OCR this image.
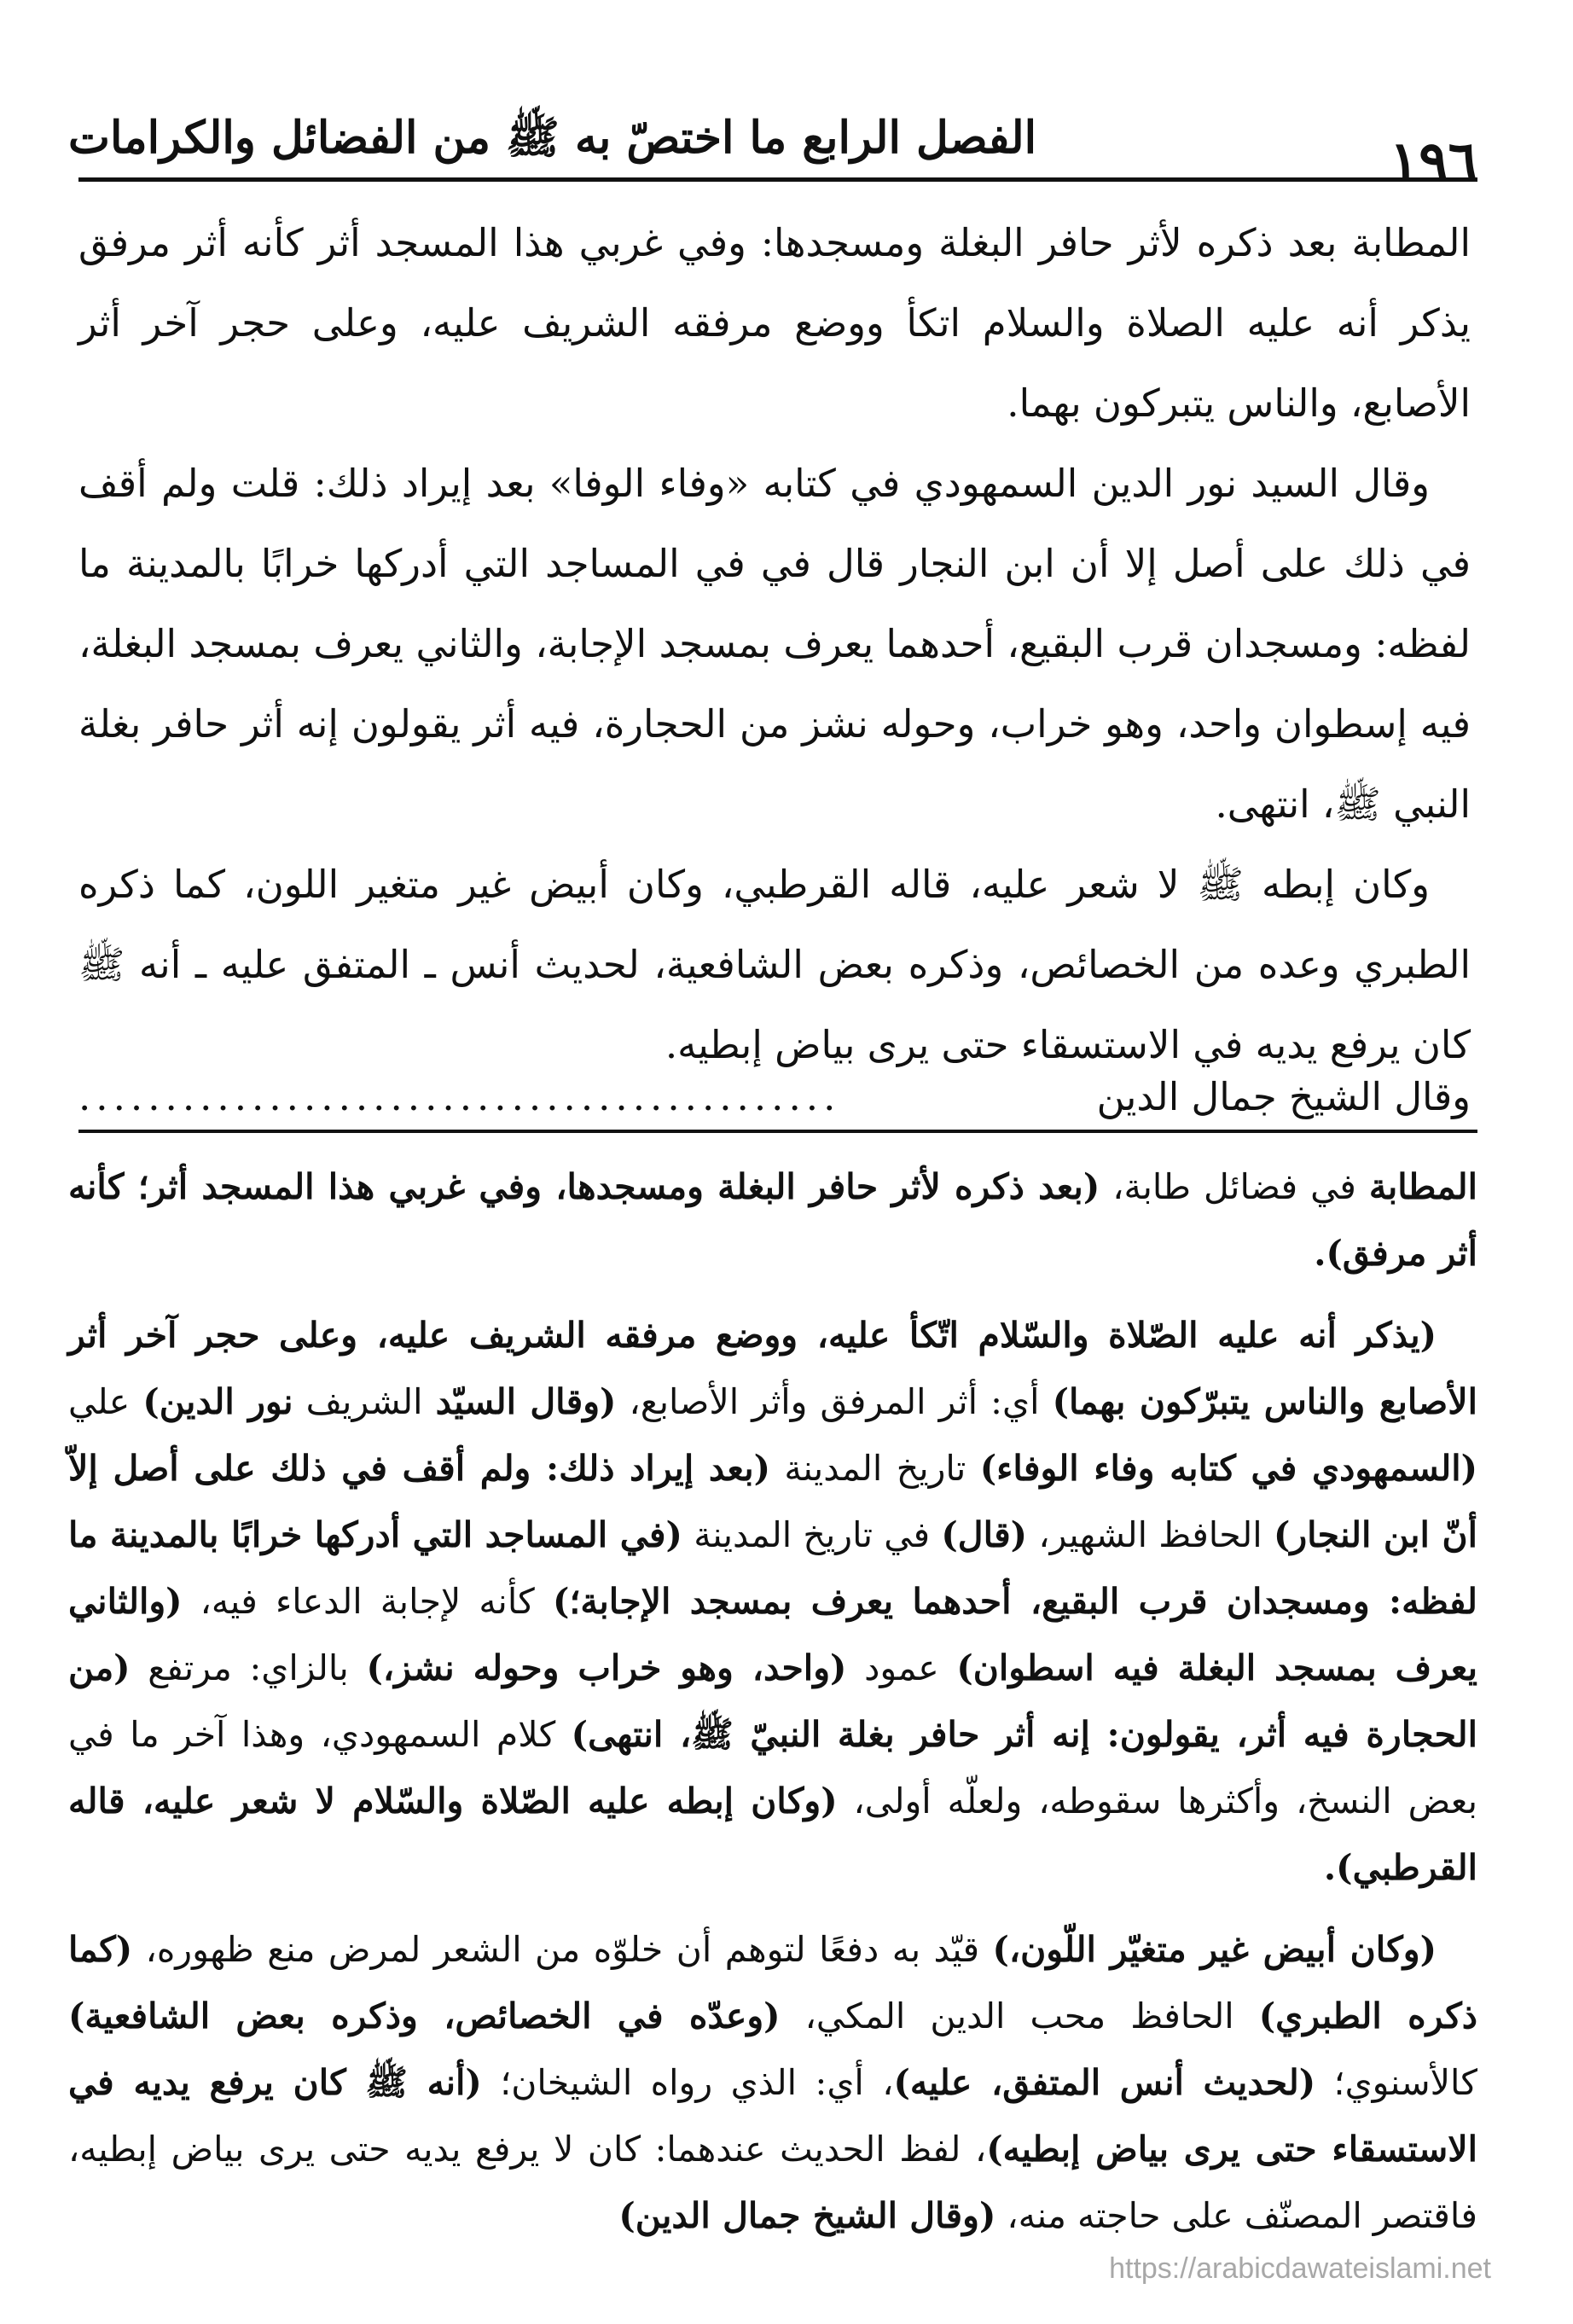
١٩٦
الفصل الرابع ما اختصّ به ﷺ من الفضائل والكرامات

المطابة بعد ذكره لأثر حافر البغلة ومسجدها: وفي غربي هذا المسجد أثر كأنه أثر مرفق يذكر أنه عليه الصلاة والسلام اتكأ ووضع مرفقه الشريف عليه، وعلى حجر آخر أثر الأصابع، والناس يتبركون بهما.

وقال السيد نور الدين السمهودي في كتابه «وفاء الوفا» بعد إيراد ذلك: قلت ولم أقف في ذلك على أصل إلا أن ابن النجار قال في في المساجد التي أدركها خرابًا بالمدينة ما لفظه: ومسجدان قرب البقيع، أحدهما يعرف بمسجد الإجابة، والثاني يعرف بمسجد البغلة، فيه إسطوان واحد، وهو خراب، وحوله نشز من الحجارة، فيه أثر يقولون إنه أثر حافر بغلة النبي ﷺ، انتهى.

وكان إبطه ﷺ لا شعر عليه، قاله القرطبي، وكان أبيض غير متغير اللون، كما ذكره الطبري وعده من الخصائص، وذكره بعض الشافعية، لحديث أنس ـ المتفق عليه ـ أنه ﷺ كان يرفع يديه في الاستسقاء حتى يرى بياض إبطيه.

وقال الشيخ جمال الدين
............................................

المطابة في فضائل طابة، (بعد ذكره لأثر حافر البغلة ومسجدها، وفي غربي هذا المسجد أثر؛ كأنه أثر مرفق).

(يذكر أنه عليه الصّلاة والسّلام اتّكأ عليه، ووضع مرفقه الشريف عليه، وعلى حجر آخر أثر الأصابع والناس يتبرّكون بهما) أي: أثر المرفق وأثر الأصابع، (وقال السيّد الشريف نور الدين) علي (السمهودي في كتابه وفاء الوفاء) تاريخ المدينة (بعد إيراد ذلك: ولم أقف في ذلك على أصل إلاّ أنّ ابن النجار) الحافظ الشهير، (قال) في تاريخ المدينة (في المساجد التي أدركها خرابًا بالمدينة ما لفظه: ومسجدان قرب البقيع، أحدهما يعرف بمسجد الإجابة؛) كأنه لإجابة الدعاء فيه، (والثاني يعرف بمسجد البغلة فيه اسطوان) عمود (واحد، وهو خراب وحوله نشز،) بالزاي: مرتفع (من الحجارة فيه أثر، يقولون: إنه أثر حافر بغلة النبيّ ﷺ، انتهى) كلام السمهودي، وهذا آخر ما في بعض النسخ، وأكثرها سقوطه، ولعلّه أولى، (وكان إبطه عليه الصّلاة والسّلام لا شعر عليه، قاله القرطبي).

(وكان أبيض غير متغيّر اللّون،) قيّد به دفعًا لتوهم أن خلوّه من الشعر لمرض منع ظهوره، (كما ذكره الطبري) الحافظ محب الدين المكي، (وعدّه في الخصائص، وذكره بعض الشافعية) كالأسنوي؛ (لحديث أنس المتفق، عليه)، أي: الذي رواه الشيخان؛ (أنه ﷺ كان يرفع يديه في الاستسقاء حتى يرى بياض إبطيه)، لفظ الحديث عندهما: كان لا يرفع يديه حتى يرى بياض إبطيه، فاقتصر المصنّف على حاجته منه، (وقال الشيخ جمال الدين)

https://arabicdawateislami.net
